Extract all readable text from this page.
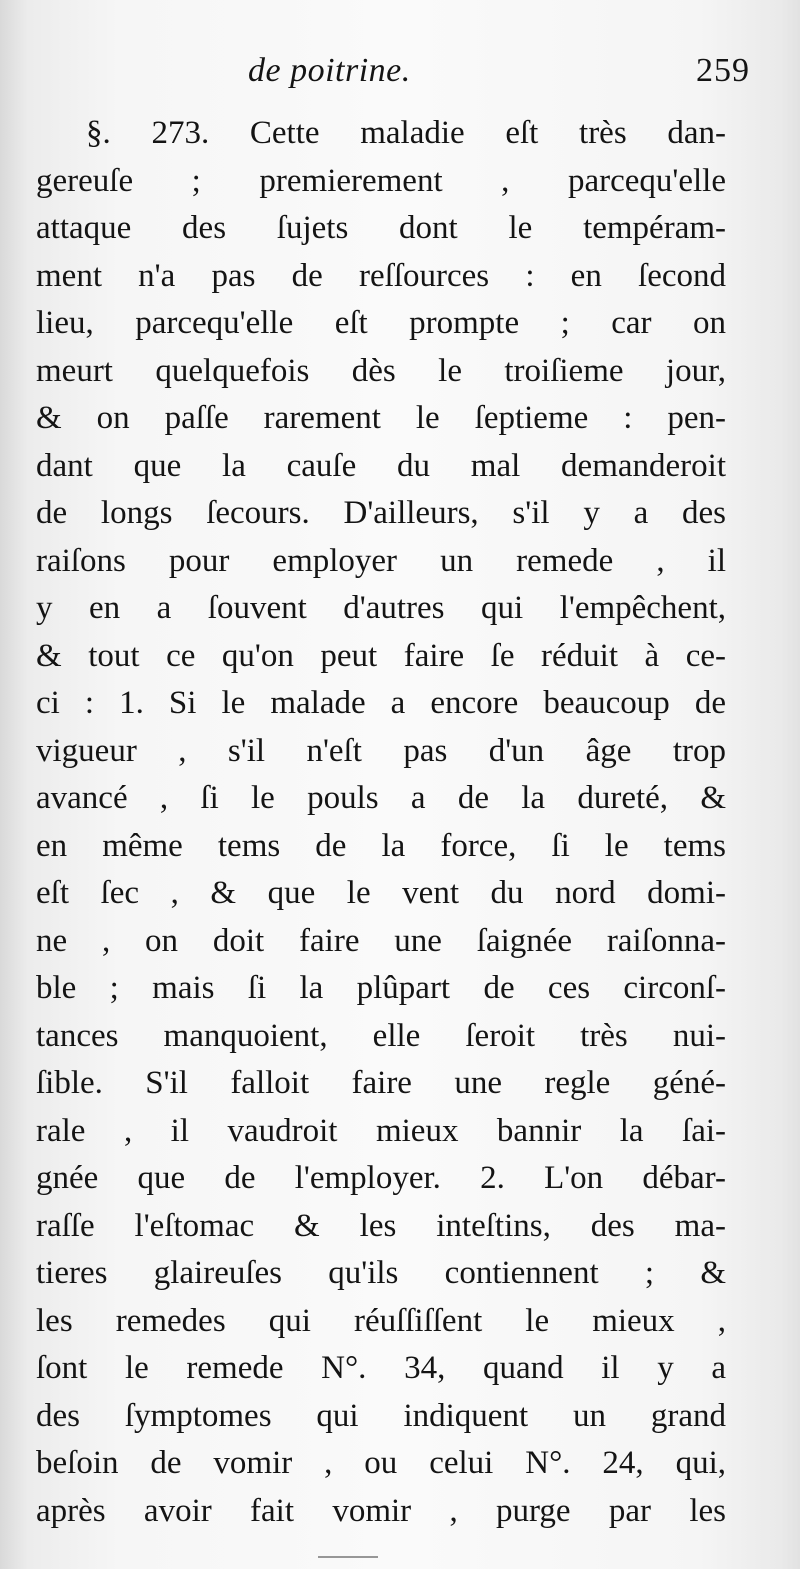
de poitrine.	259
§. 273. Cette maladie eſt très dan-
gereuſe ; premierement , parcequ'elle
attaque des ſujets dont le tempéram-
ment n'a pas de reſſources : en ſecond
lieu, parcequ'elle eſt prompte ; car on
meurt quelquefois dès le troiſieme jour,
& on paſſe rarement le ſeptieme : pen-
dant que la cauſe du mal demanderoit
de longs ſecours. D'ailleurs, s'il y a des
raiſons pour employer un remede , il
y en a ſouvent d'autres qui l'empêchent,
& tout ce qu'on peut faire ſe réduit à ce-
ci : 1. Si le malade a encore beaucoup de
vigueur , s'il n'eſt pas d'un âge trop
avancé , ſi le pouls a de la dureté, &
en même tems de la force, ſi le tems
eſt ſec , & que le vent du nord domi-
ne , on doit faire une ſaignée raiſonna-
ble ; mais ſi la plûpart de ces circonſ-
tances manquoient, elle ſeroit très nui-
ſible. S'il falloit faire une regle géné-
rale , il vaudroit mieux bannir la ſai-
gnée que de l'employer. 2. L'on débar-
raſſe l'eſtomac & les inteſtins, des ma-
tieres glaireuſes qu'ils contiennent ; &
les remedes qui réuſſiſſent le mieux ,
ſont le remede N°. 34, quand il y a
des ſymptomes qui indiquent un grand
beſoin de vomir , ou celui N°. 24, qui,
après avoir fait vomir , purge par les
